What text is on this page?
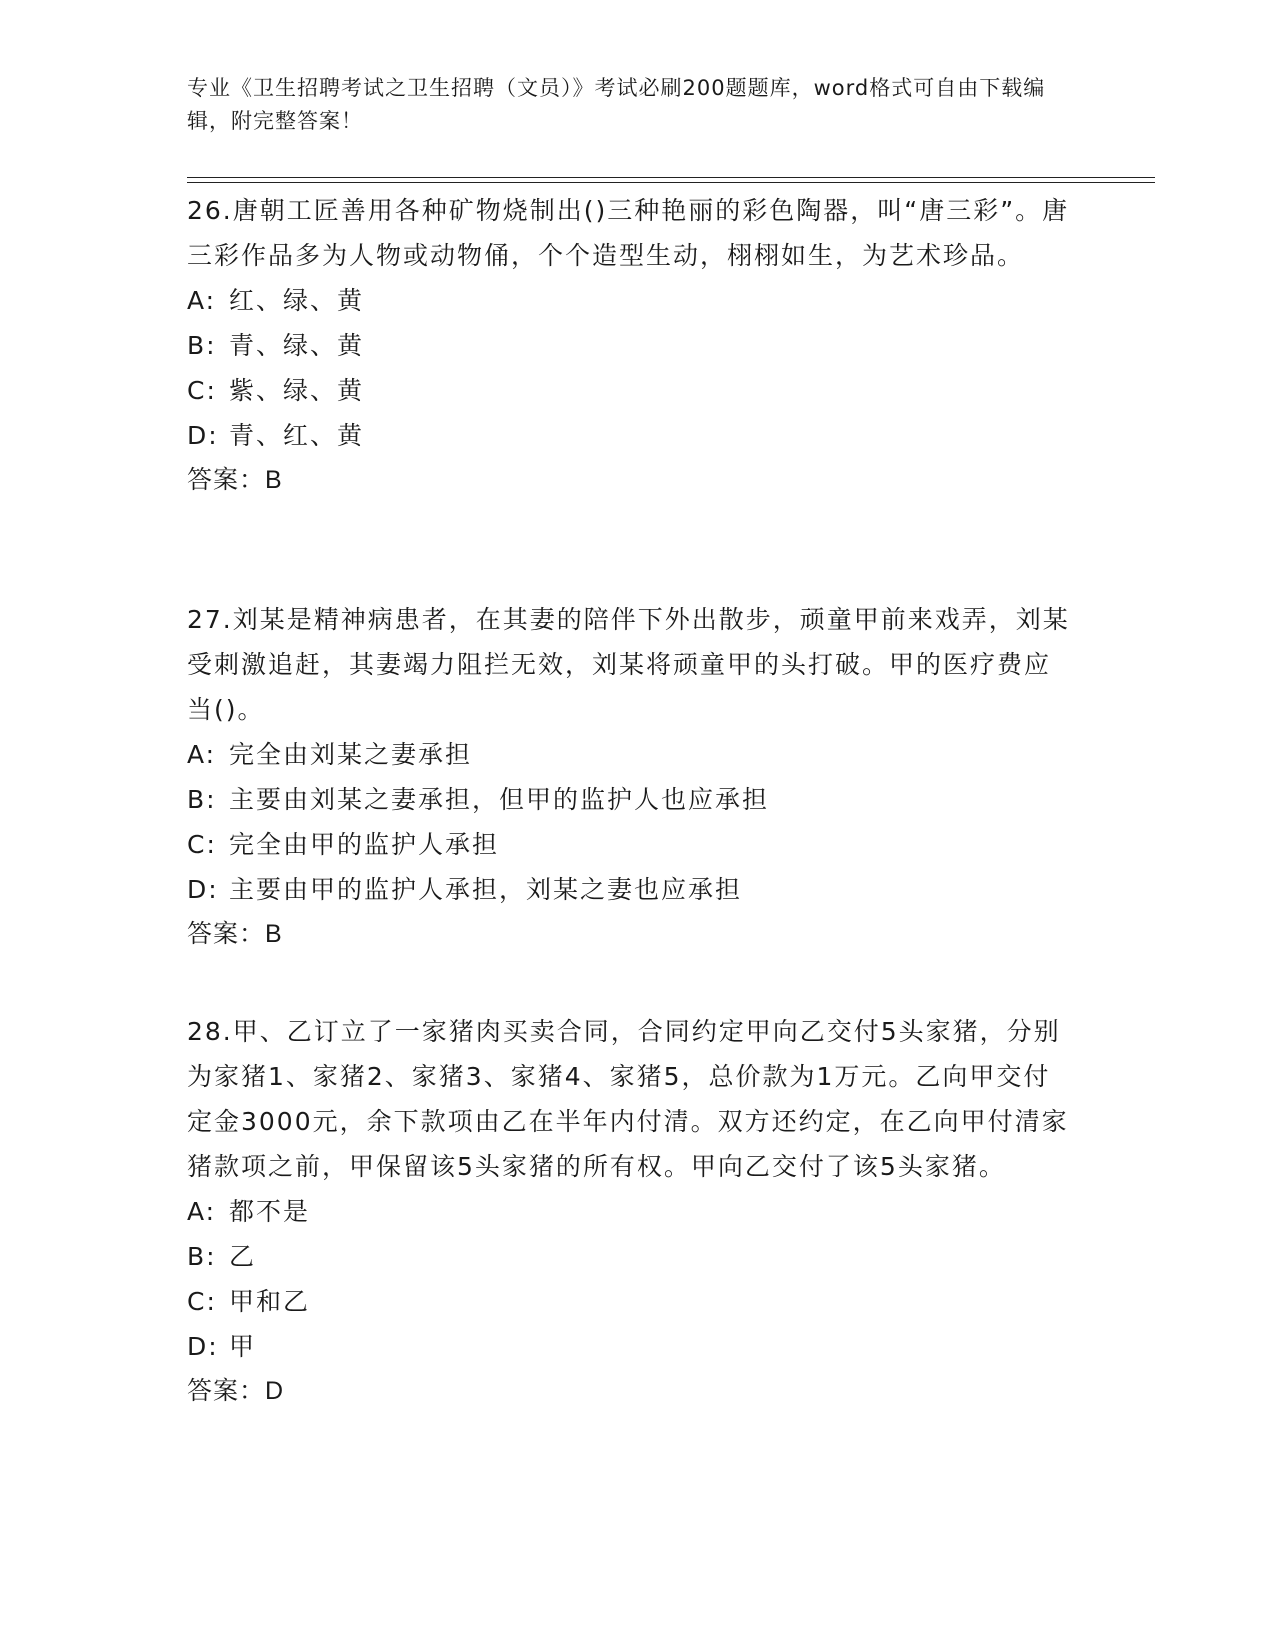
专业《卫生招聘考试之卫生招聘（文员）》考试必刷200题题库，word格式可自由下载编辑，附完整答案！

26.唐朝工匠善用各种矿物烧制出()三种艳丽的彩色陶器，叫“唐三彩”。唐三彩作品多为人物或动物俑，个个造型生动，栩栩如生，为艺术珍品。

A: 红、绿、黄

B: 青、绿、黄

C: 紫、绿、黄

D: 青、红、黄

答案：B

27.刘某是精神病患者，在其妻的陪伴下外出散步，顽童甲前来戏弄，刘某受刺激追赶，其妻竭力阻拦无效，刘某将顽童甲的头打破。甲的医疗费应当()。

A: 完全由刘某之妻承担

B: 主要由刘某之妻承担，但甲的监护人也应承担

C: 完全由甲的监护人承担

D: 主要由甲的监护人承担，刘某之妻也应承担

答案：B

28.甲、乙订立了一家猪肉买卖合同，合同约定甲向乙交付5头家猪，分别为家猪1、家猪2、家猪3、家猪4、家猪5，总价款为1万元。乙向甲交付定金3000元，余下款项由乙在半年内付清。双方还约定，在乙向甲付清家猪款项之前，甲保留该5头家猪的所有权。甲向乙交付了该5头家猪。

A: 都不是

B: 乙

C: 甲和乙

D: 甲

答案：D
